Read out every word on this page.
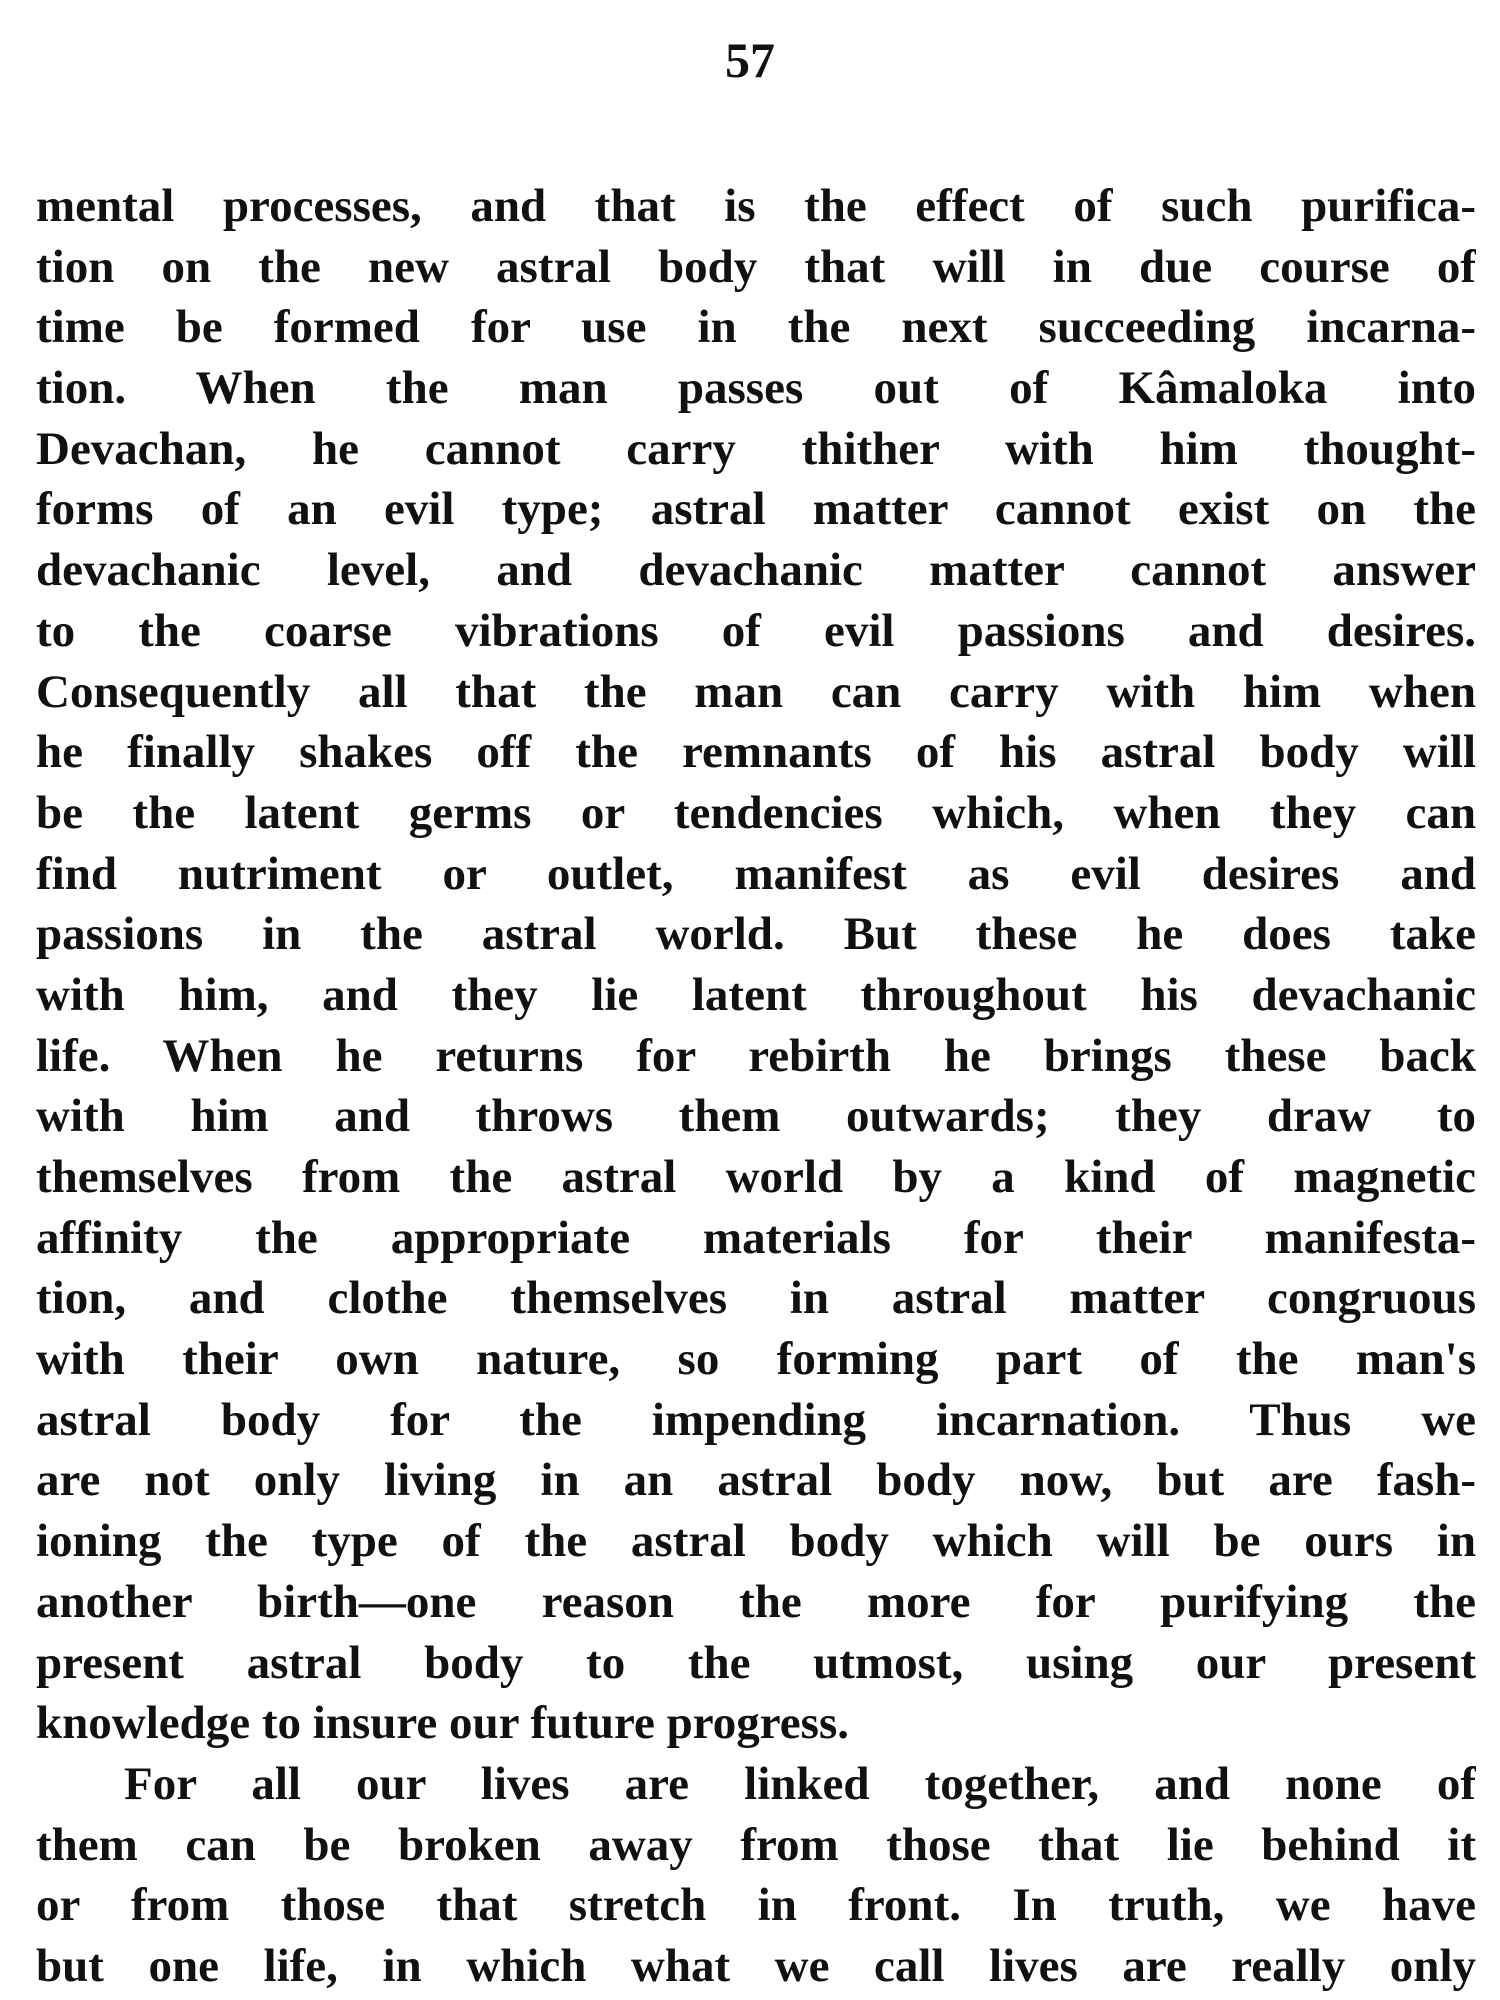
57
mental processes, and that is the effect of such purifica-
tion on the new astral body that will in due course of
time be formed for use in the next succeeding incarna-
tion. When the man passes out of Kâmaloka into
Devachan, he cannot carry thither with him thought-
forms of an evil type; astral matter cannot exist on the
devachanic level, and devachanic matter cannot answer
to the coarse vibrations of evil passions and desires.
Consequently all that the man can carry with him when
he finally shakes off the remnants of his astral body will
be the latent germs or tendencies which, when they can
find nutriment or outlet, manifest as evil desires and
passions in the astral world. But these he does take
with him, and they lie latent throughout his devachanic
life. When he returns for rebirth he brings these back
with him and throws them outwards; they draw to
themselves from the astral world by a kind of magnetic
affinity the appropriate materials for their manifesta-
tion, and clothe themselves in astral matter congruous
with their own nature, so forming part of the man's
astral body for the impending incarnation. Thus we
are not only living in an astral body now, but are fash-
ioning the type of the astral body which will be ours in
another birth—one reason the more for purifying the
present astral body to the utmost, using our present
knowledge to insure our future progress.
For all our lives are linked together, and none of
them can be broken away from those that lie behind it
or from those that stretch in front. In truth, we have
but one life, in which what we call lives are really only
